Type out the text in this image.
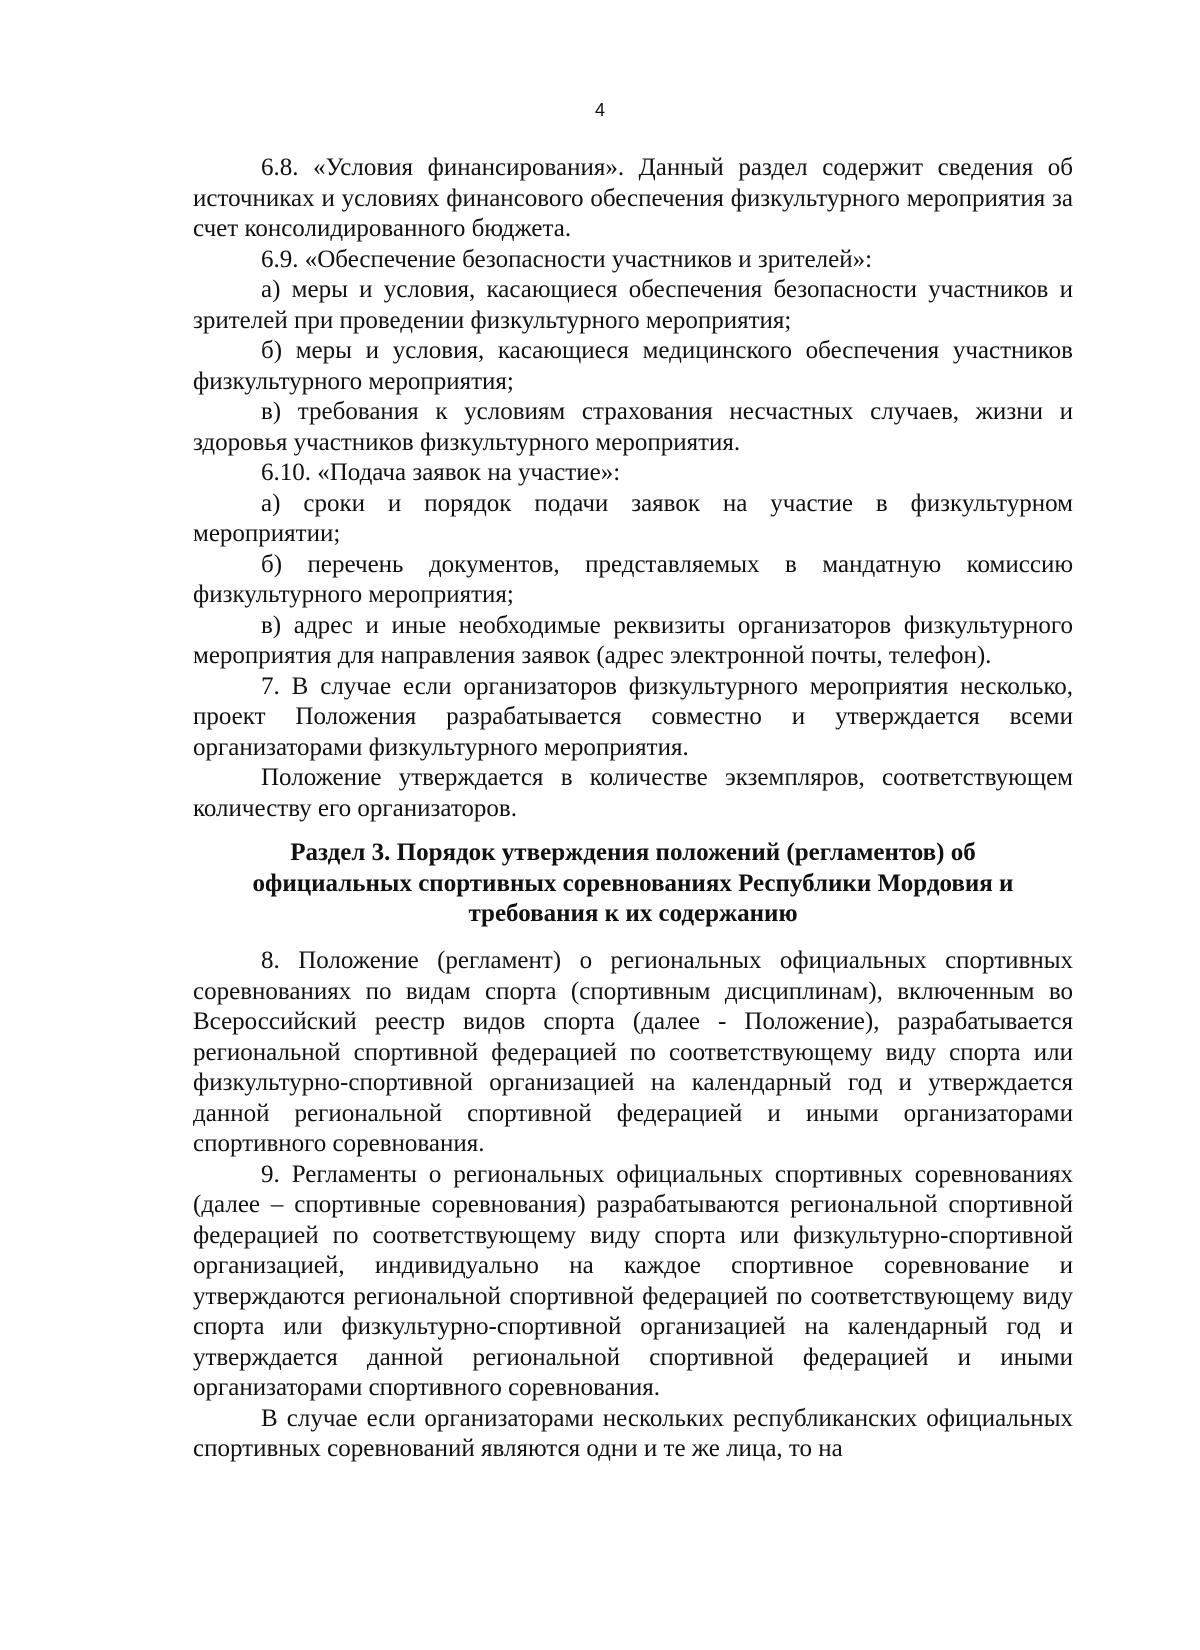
4

6.8. «Условия финансирования». Данный раздел содержит сведения об источниках и условиях финансового обеспечения физкультурного мероприятия за счет консолидированного бюджета.

6.9. «Обеспечение безопасности участников и зрителей»:

а) меры и условия, касающиеся обеспечения безопасности участников и зрителей при проведении физкультурного мероприятия;

б) меры и условия, касающиеся медицинского обеспечения участников физкультурного мероприятия;

в) требования к условиям страхования несчастных случаев, жизни и здоровья участников физкультурного мероприятия.

6.10. «Подача заявок на участие»:

а) сроки и порядок подачи заявок на участие в физкультурном мероприятии;

б) перечень документов, представляемых в мандатную комиссию физкультурного мероприятия;

в) адрес и иные необходимые реквизиты организаторов физкультурного мероприятия для направления заявок (адрес электронной почты, телефон).

7. В случае если организаторов физкультурного мероприятия несколько, проект Положения разрабатывается совместно и утверждается всеми организаторами физкультурного мероприятия.

Положение утверждается в количестве экземпляров, соответствующем количеству его организаторов.

Раздел 3. Порядок утверждения положений (регламентов) об
официальных спортивных соревнованиях Республики Мордовия и
требования к их содержанию

8. Положение (регламент) о региональных официальных спортивных соревнованиях по видам спорта (спортивным дисциплинам), включенным во Всероссийский реестр видов спорта (далее - Положение), разрабатывается региональной спортивной федерацией по соответствующему виду спорта или физкультурно-спортивной организацией на календарный год и утверждается данной региональной спортивной федерацией и иными организаторами спортивного соревнования.

9. Регламенты о региональных официальных спортивных соревнованиях (далее – спортивные соревнования) разрабатываются региональной спортивной федерацией по соответствующему виду спорта или физкультурно-спортивной организацией, индивидуально на каждое спортивное соревнование и утверждаются региональной спортивной федерацией по соответствующему виду спорта или физкультурно-спортивной организацией на календарный год и утверждается данной региональной спортивной федерацией и иными организаторами спортивного соревнования.

В случае если организаторами нескольких республиканских официальных спортивных соревнований являются одни и те же лица, то на
